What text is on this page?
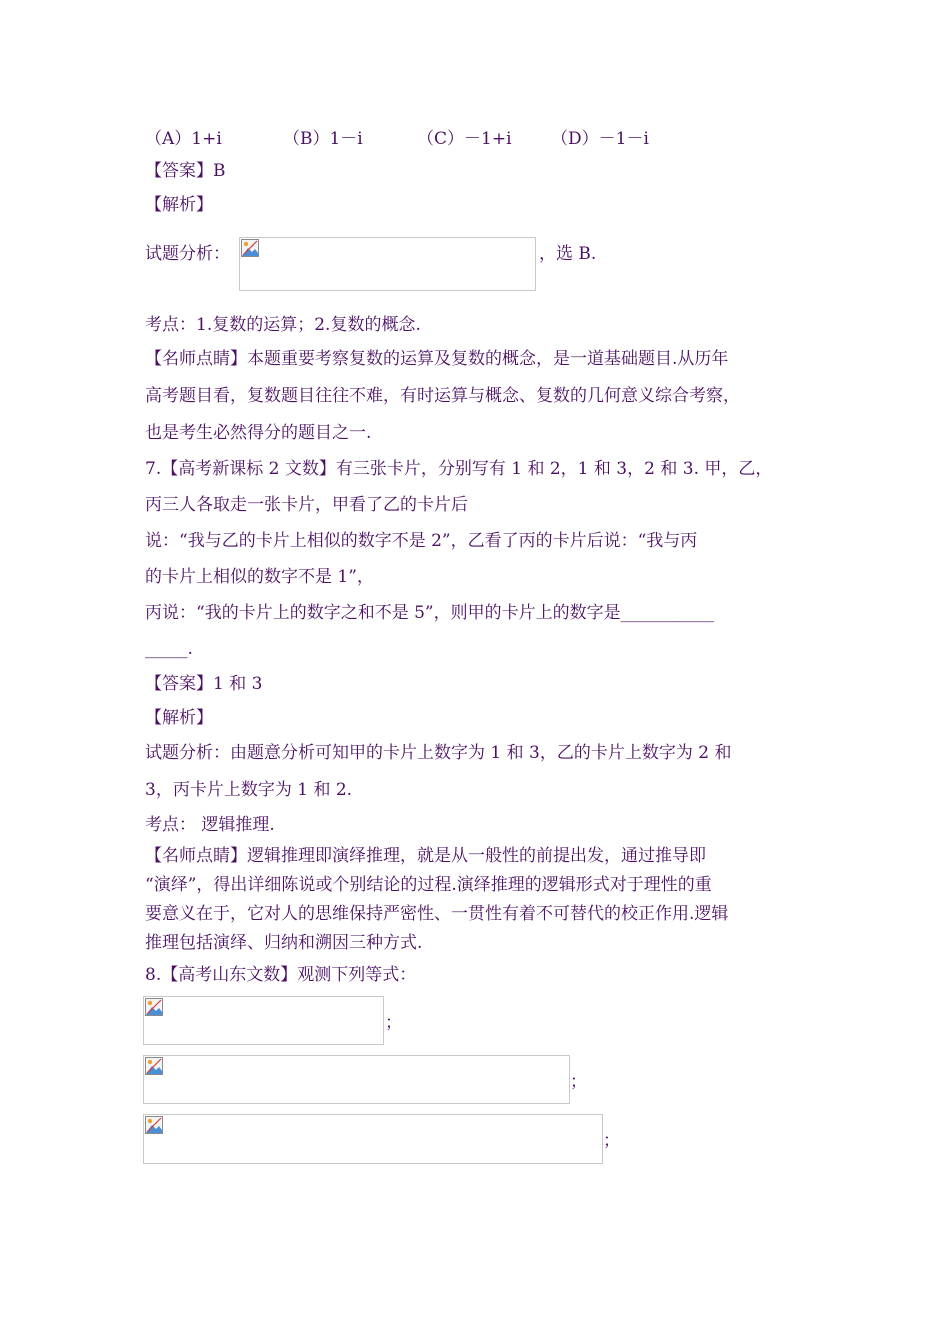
（A）1+i	（B）1－i	（C）－1+i （D）－1－i
【答案】B
【解析】
试题分析：	，选 B.
考点：1.复数的运算；2.复数的概念.
【名师点睛】本题重要考察复数的运算及复数的概念，是一道基础题目.从历年
高考题目看，复数题目往往不难，有时运算与概念、复数的几何意义综合考察，
也是考生必然得分的题目之一.
7.【高考新课标 2 文数】有三张卡片，分别写有 1 和 2，1 和 3，2 和 3. 甲，乙，
丙三人各取走一张卡片，甲看了乙的卡片后
说：“我与乙的卡片上相似的数字不是 2”，乙看了丙的卡片后说：“我与丙
的卡片上相似的数字不是 1”，
丙说：“我的卡片上的数字之和不是 5”，则甲的卡片上的数字是___________
_____.
【答案】1 和 3
【解析】
试题分析：由题意分析可知甲的卡片上数字为 1 和 3，乙的卡片上数字为 2 和
3，丙卡片上数字为 1 和 2.
考点： 逻辑推理.
【名师点睛】逻辑推理即演绎推理，就是从一般性的前提出发，通过推导即
“演绎”，得出详细陈说或个别结论的过程.演绎推理的逻辑形式对于理性的重
要意义在于，它对人的思维保持严密性、一贯性有着不可替代的校正作用.逻辑
推理包括演绎、归纳和溯因三种方式.
8.【高考山东文数】观测下列等式：
；
；
；
